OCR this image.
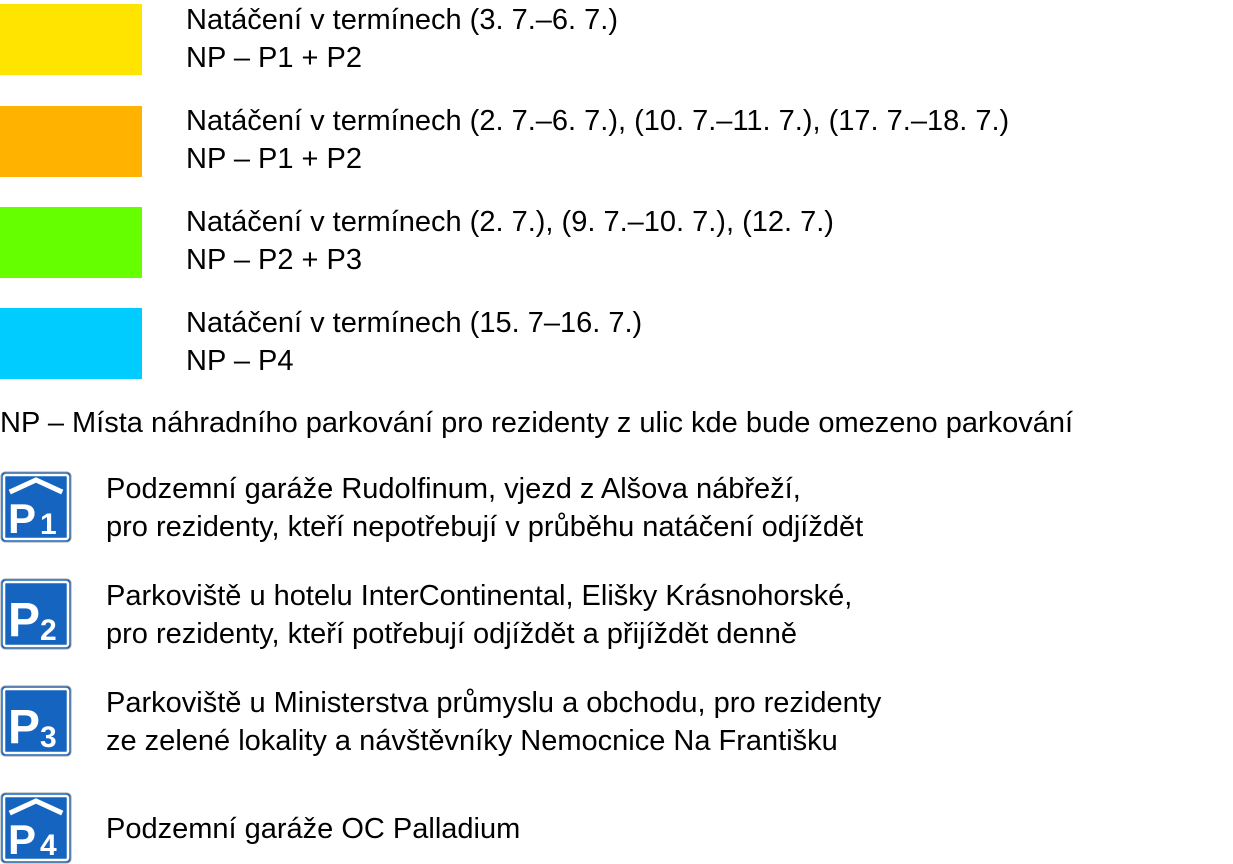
Natáčení v termínech (3. 7.–6. 7.)
NP – P1 + P2
Natáčení v termínech (2. 7.–6. 7.), (10. 7.–11. 7.), (17. 7.–18. 7.)
NP – P1 + P2
Natáčení v termínech (2. 7.), (9. 7.–10. 7.), (12. 7.)
NP – P2 + P3
Natáčení v termínech (15. 7–16. 7.)
NP – P4
NP – Místa náhradního parkování pro rezidenty z ulic kde bude omezeno parkování
P 1
Podzemní garáže Rudolfinum, vjezd z Alšova nábřeží,
pro rezidenty, kteří nepotřebují v průběhu natáčení odjíždět
P 2
Parkoviště u hotelu InterContinental, Elišky Krásnohorské,
pro rezidenty, kteří potřebují odjíždět a přijíždět denně
P 3
Parkoviště u Ministerstva průmyslu a obchodu, pro rezidenty
ze zelené lokality a návštěvníky Nemocnice Na Františku
P 4 Podzemní garáže OC Palladium
